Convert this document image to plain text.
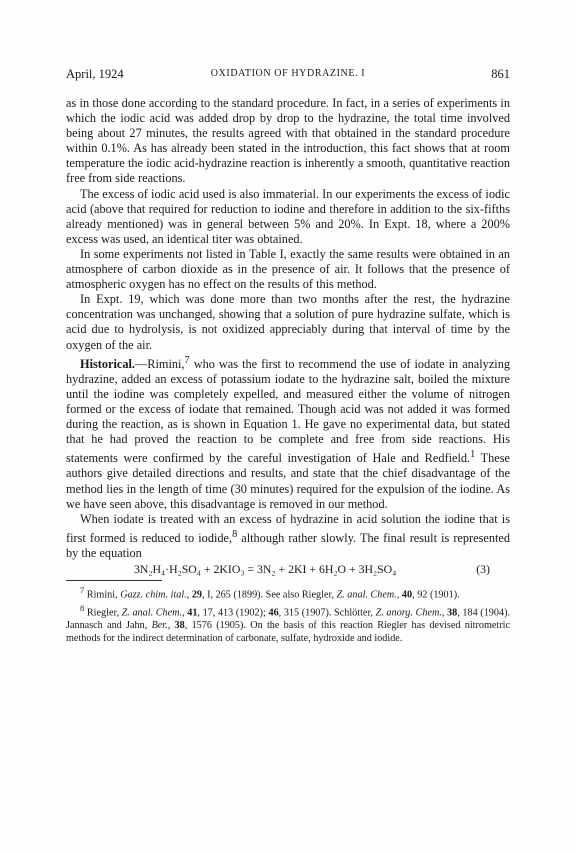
April, 1924	OXIDATION OF HYDRAZINE. I	861

as in those done according to the standard procedure. In fact, in a series of experiments in which the iodic acid was added drop by drop to the hydrazine, the total time involved being about 27 minutes, the results agreed with that obtained in the standard procedure within 0.1%. As has already been stated in the introduction, this fact shows that at room temperature the iodic acid-hydrazine reaction is inherently a smooth, quantitative reaction free from side reactions.

The excess of iodic acid used is also immaterial. In our experiments the excess of iodic acid (above that required for reduction to iodine and therefore in addition to the six-fifths already mentioned) was in general between 5% and 20%. In Expt. 18, where a 200% excess was used, an identical titer was obtained.

In some experiments not listed in Table I, exactly the same results were obtained in an atmosphere of carbon dioxide as in the presence of air. It follows that the presence of atmospheric oxygen has no effect on the results of this method.

In Expt. 19, which was done more than two months after the rest, the hydrazine concentration was unchanged, showing that a solution of pure hydrazine sulfate, which is acid due to hydrolysis, is not oxidized appreciably during that interval of time by the oxygen of the air.

Historical.—Rimini,$^7$ who was the first to recommend the use of iodate in analyzing hydrazine, added an excess of potassium iodate to the hydrazine salt, boiled the mixture until the iodine was completely expelled, and measured either the volume of nitrogen formed or the excess of iodate that remained. Though acid was not added it was formed during the reaction, as is shown in Equation 1. He gave no experimental data, but stated that he had proved the reaction to be complete and free from side reactions. His statements were confirmed by the careful investigation of Hale and Redfield.$^1$ These authors give detailed directions and results, and state that the chief disadvantage of the method lies in the length of time (30 minutes) required for the expulsion of the iodine. As we have seen above, this disadvantage is removed in our method.

When iodate is treated with an excess of hydrazine in acid solution the iodine that is first formed is reduced to iodide,$^8$ although rather slowly. The final result is represented by the equation

3N₂H₄·H₂SO₄ + 2KIO₃ = 3N₂ + 2KI + 6H₂O + 3H₂SO₄	(3)

$^7$ Rimini, Gazz. chim. ital., 29, I, 265 (1899). See also Riegler, Z. anal. Chem., 40, 92 (1901).

$^8$ Riegler, Z. anal. Chem., 41, 17, 413 (1902); 46, 315 (1907). Schlötter, Z. anorg. Chem., 38, 184 (1904). Jannasch and Jahn, Ber., 38, 1576 (1905). On the basis of this reaction Riegler has devised nitrometric methods for the indirect determination of carbonate, sulfate, hydroxide and iodide.
